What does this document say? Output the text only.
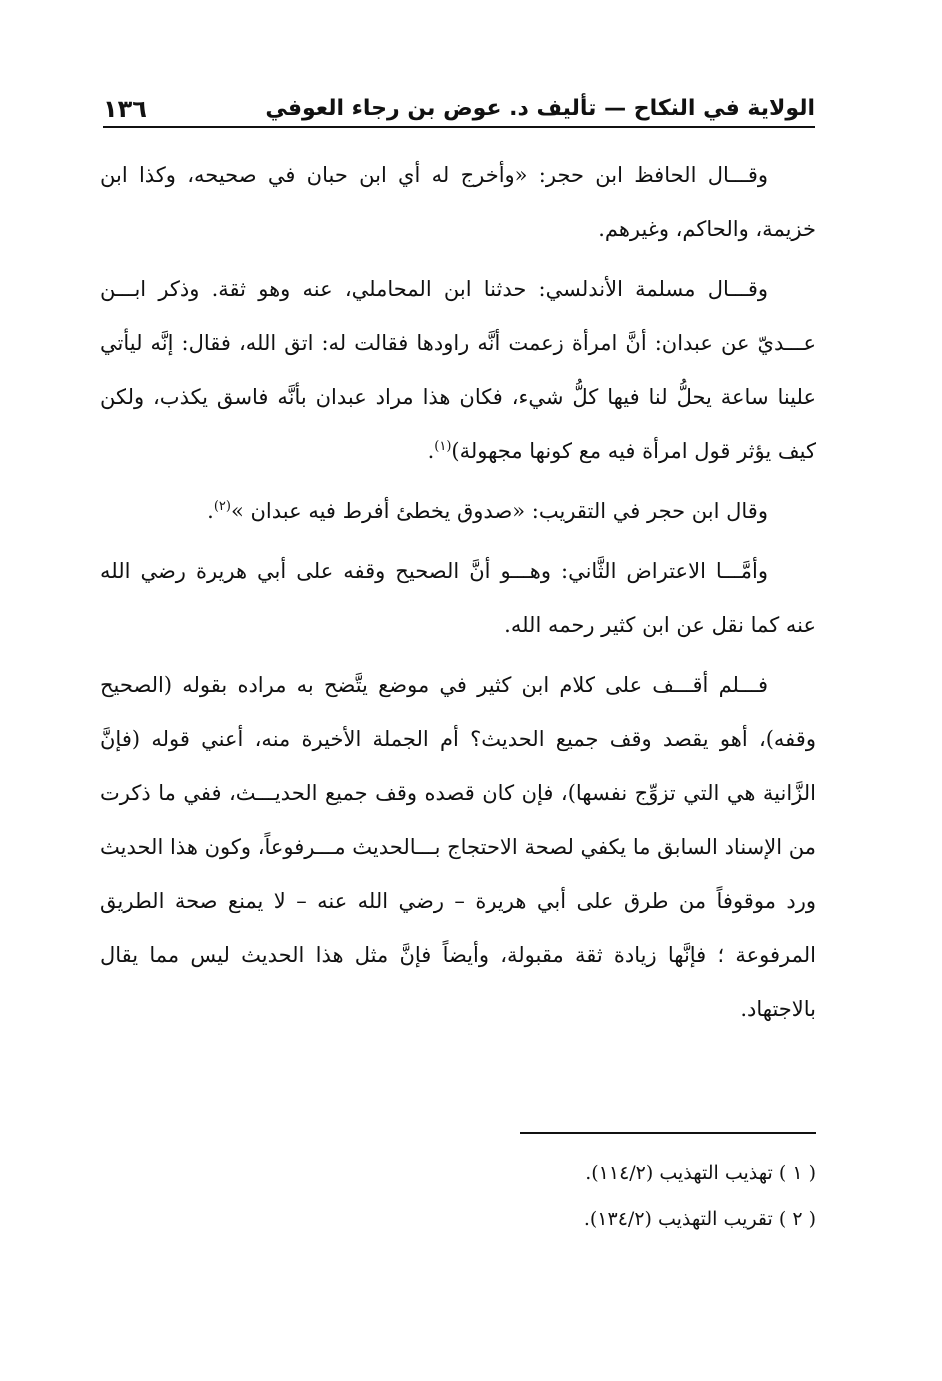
الولاية في النكاح — تأليف د. عوض بن رجاء العوفي
١٣٦

وقـــال الحافظ ابن حجر: «وأخرج له أي ابن حبان في صحيحه، وكذا ابن خزيمة، والحاكم، وغيرهم.

وقـــال مسلمة الأندلسي: حدثنا ابن المحاملي، عنه وهو ثقة. وذكر ابـــن عـــديّ عن عبدان: أنَّ امرأة زعمت أنَّه راودها فقالت له: اتق الله، فقال: إنَّه ليأتي علينا ساعة يحلُّ لنا فيها كلُّ شيء، فكان هذا مراد عبدان بأنَّه فاسق يكذب، ولكن كيف يؤثر قول امرأة فيه مع كونها مجهولة)$^{(١)}$.

وقال ابن حجر في التقريب: «صدوق يخطئ أفرط فيه عبدان »$^{(٢)}$.

وأمَّـــا الاعتراض الثَّاني: وهـــو أنَّ الصحيح وقفه على أبي هريرة رضي الله عنه كما نقل عن ابن كثير رحمه الله.

فـــلم أقـــف على كلام ابن كثير في موضع يتَّضح به مراده بقوله (الصحيح وقفه)، أهو يقصد وقف جميع الحديث؟ أم الجملة الأخيرة منه، أعني قوله (فإنَّ الزَّانية هي التي تزوِّج نفسها)، فإن كان قصده وقف جميع الحديـــث، ففي ما ذكرت من الإسناد السابق ما يكفي لصحة الاحتجاج بـــالحديث مـــرفوعاً، وكون هذا الحديث ورد موقوفاً من طرق على أبي هريرة – رضي الله عنه – لا يمنع صحة الطريق المرفوعة ؛ فإنَّها زيادة ثقة مقبولة، وأيضاً فإنَّ مثل هذا الحديث ليس مما يقال بالاجتهاد.

( ١ ) تهذيب التهذيب (١١٤/٢).

( ٢ ) تقريب التهذيب (١٣٤/٢).
